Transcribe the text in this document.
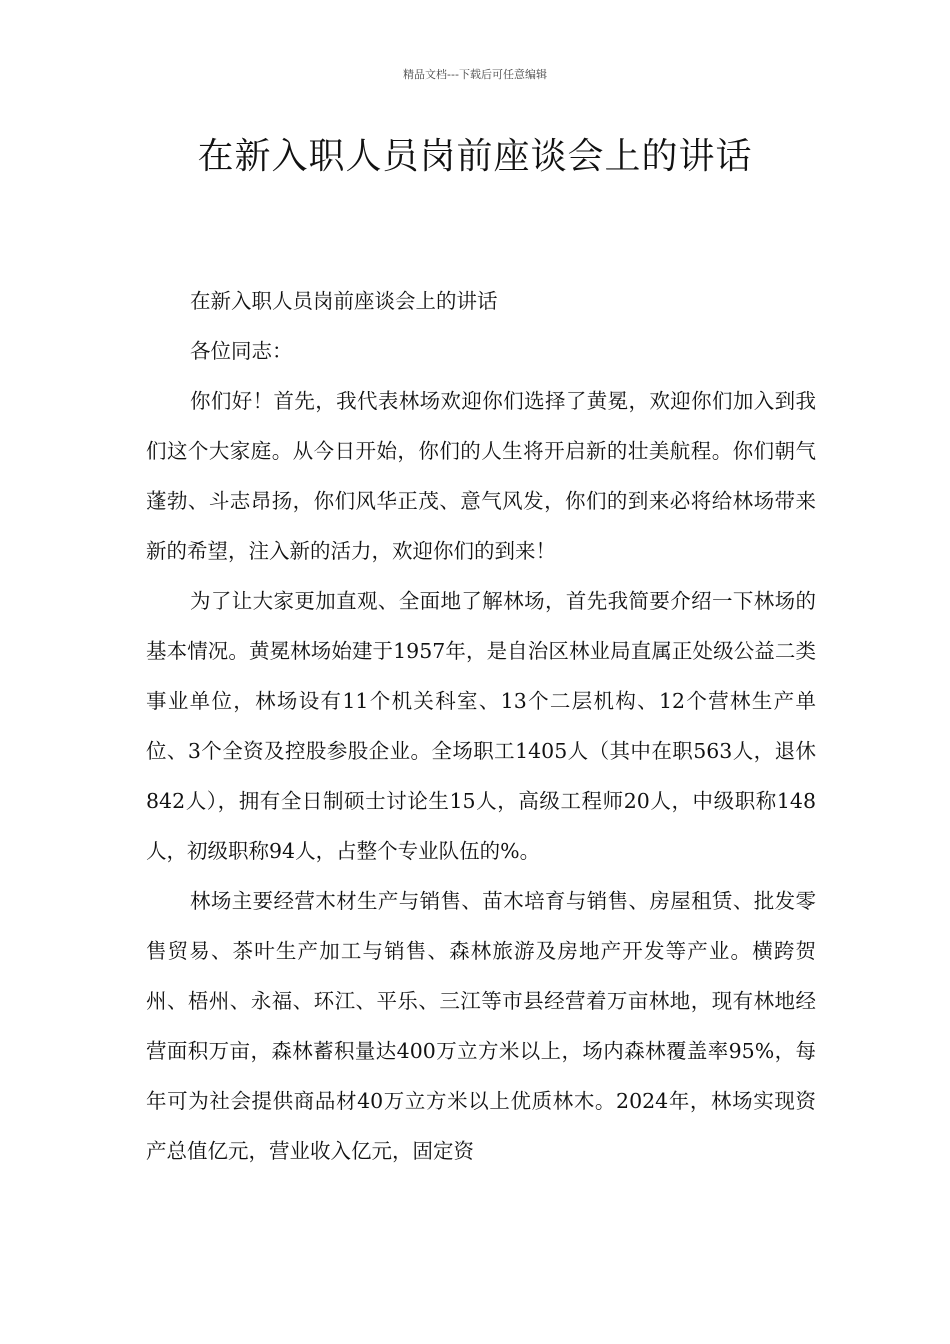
精品文档---下载后可任意编辑
在新入职人员岗前座谈会上的讲话

在新入职人员岗前座谈会上的讲话

各位同志：

你们好！首先，我代表林场欢迎你们选择了黄冕，欢迎你们加入到我们这个大家庭。从今日开始，你们的人生将开启新的壮美航程。你们朝气蓬勃、斗志昂扬，你们风华正茂、意气风发，你们的到来必将给林场带来新的希望，注入新的活力，欢迎你们的到来！

为了让大家更加直观、全面地了解林场，首先我简要介绍一下林场的基本情况。黄冕林场始建于1957年，是自治区林业局直属正处级公益二类事业单位，林场设有11个机关科室、13个二层机构、12个营林生产单位、3个全资及控股参股企业。全场职工1405人（其中在职563人，退休842人），拥有全日制硕士讨论生15人，高级工程师20人，中级职称148人，初级职称94人，占整个专业队伍的%。

林场主要经营木材生产与销售、苗木培育与销售、房屋租赁、批发零售贸易、茶叶生产加工与销售、森林旅游及房地产开发等产业。横跨贺州、梧州、永福、环江、平乐、三江等市县经营着万亩林地，现有林地经营面积万亩，森林蓄积量达400万立方米以上，场内森林覆盖率95%，每年可为社会提供商品材40万立方米以上优质林木。2024年，林场实现资产总值亿元，营业收入亿元，固定资
